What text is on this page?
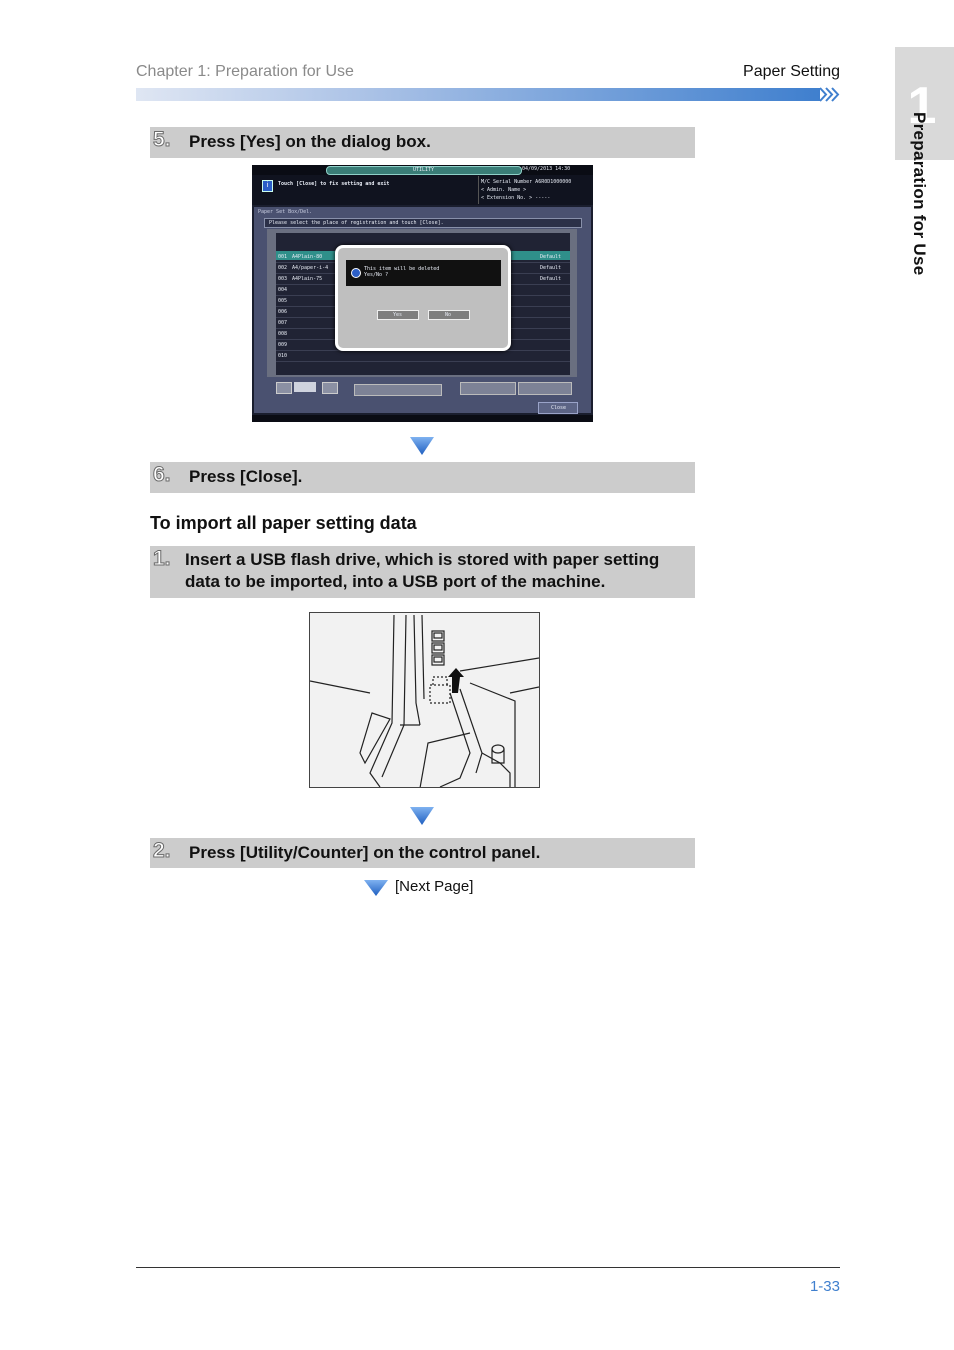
Chapter 1: Preparation for Use	Paper Setting
1
Preparation for Use
5. Press [Yes] on the dialog box.
UTILITY	04/09/2013 14:30
i	Touch [Close] to fix setting and exit	M/C Serial Number A6R0D1000000
< Admin. Name >
< Extension No. > -----
Paper Set Box/Del.
Please select the place of registration and touch [Close].
001 A4Plain-80	Default
002 A4/paper-i-4	Default
003 A4Plain-75	Default
004
005
006
007
008
009
010
Close
This item will be deleted
Yes/No ?
Yes	No
6. Press [Close].
To import all paper setting data
1. Insert a USB flash drive, which is stored with paper setting
data to be imported, into a USB port of the machine.
2. Press [Utility/Counter] on the control panel.
[Next Page]
1-33
